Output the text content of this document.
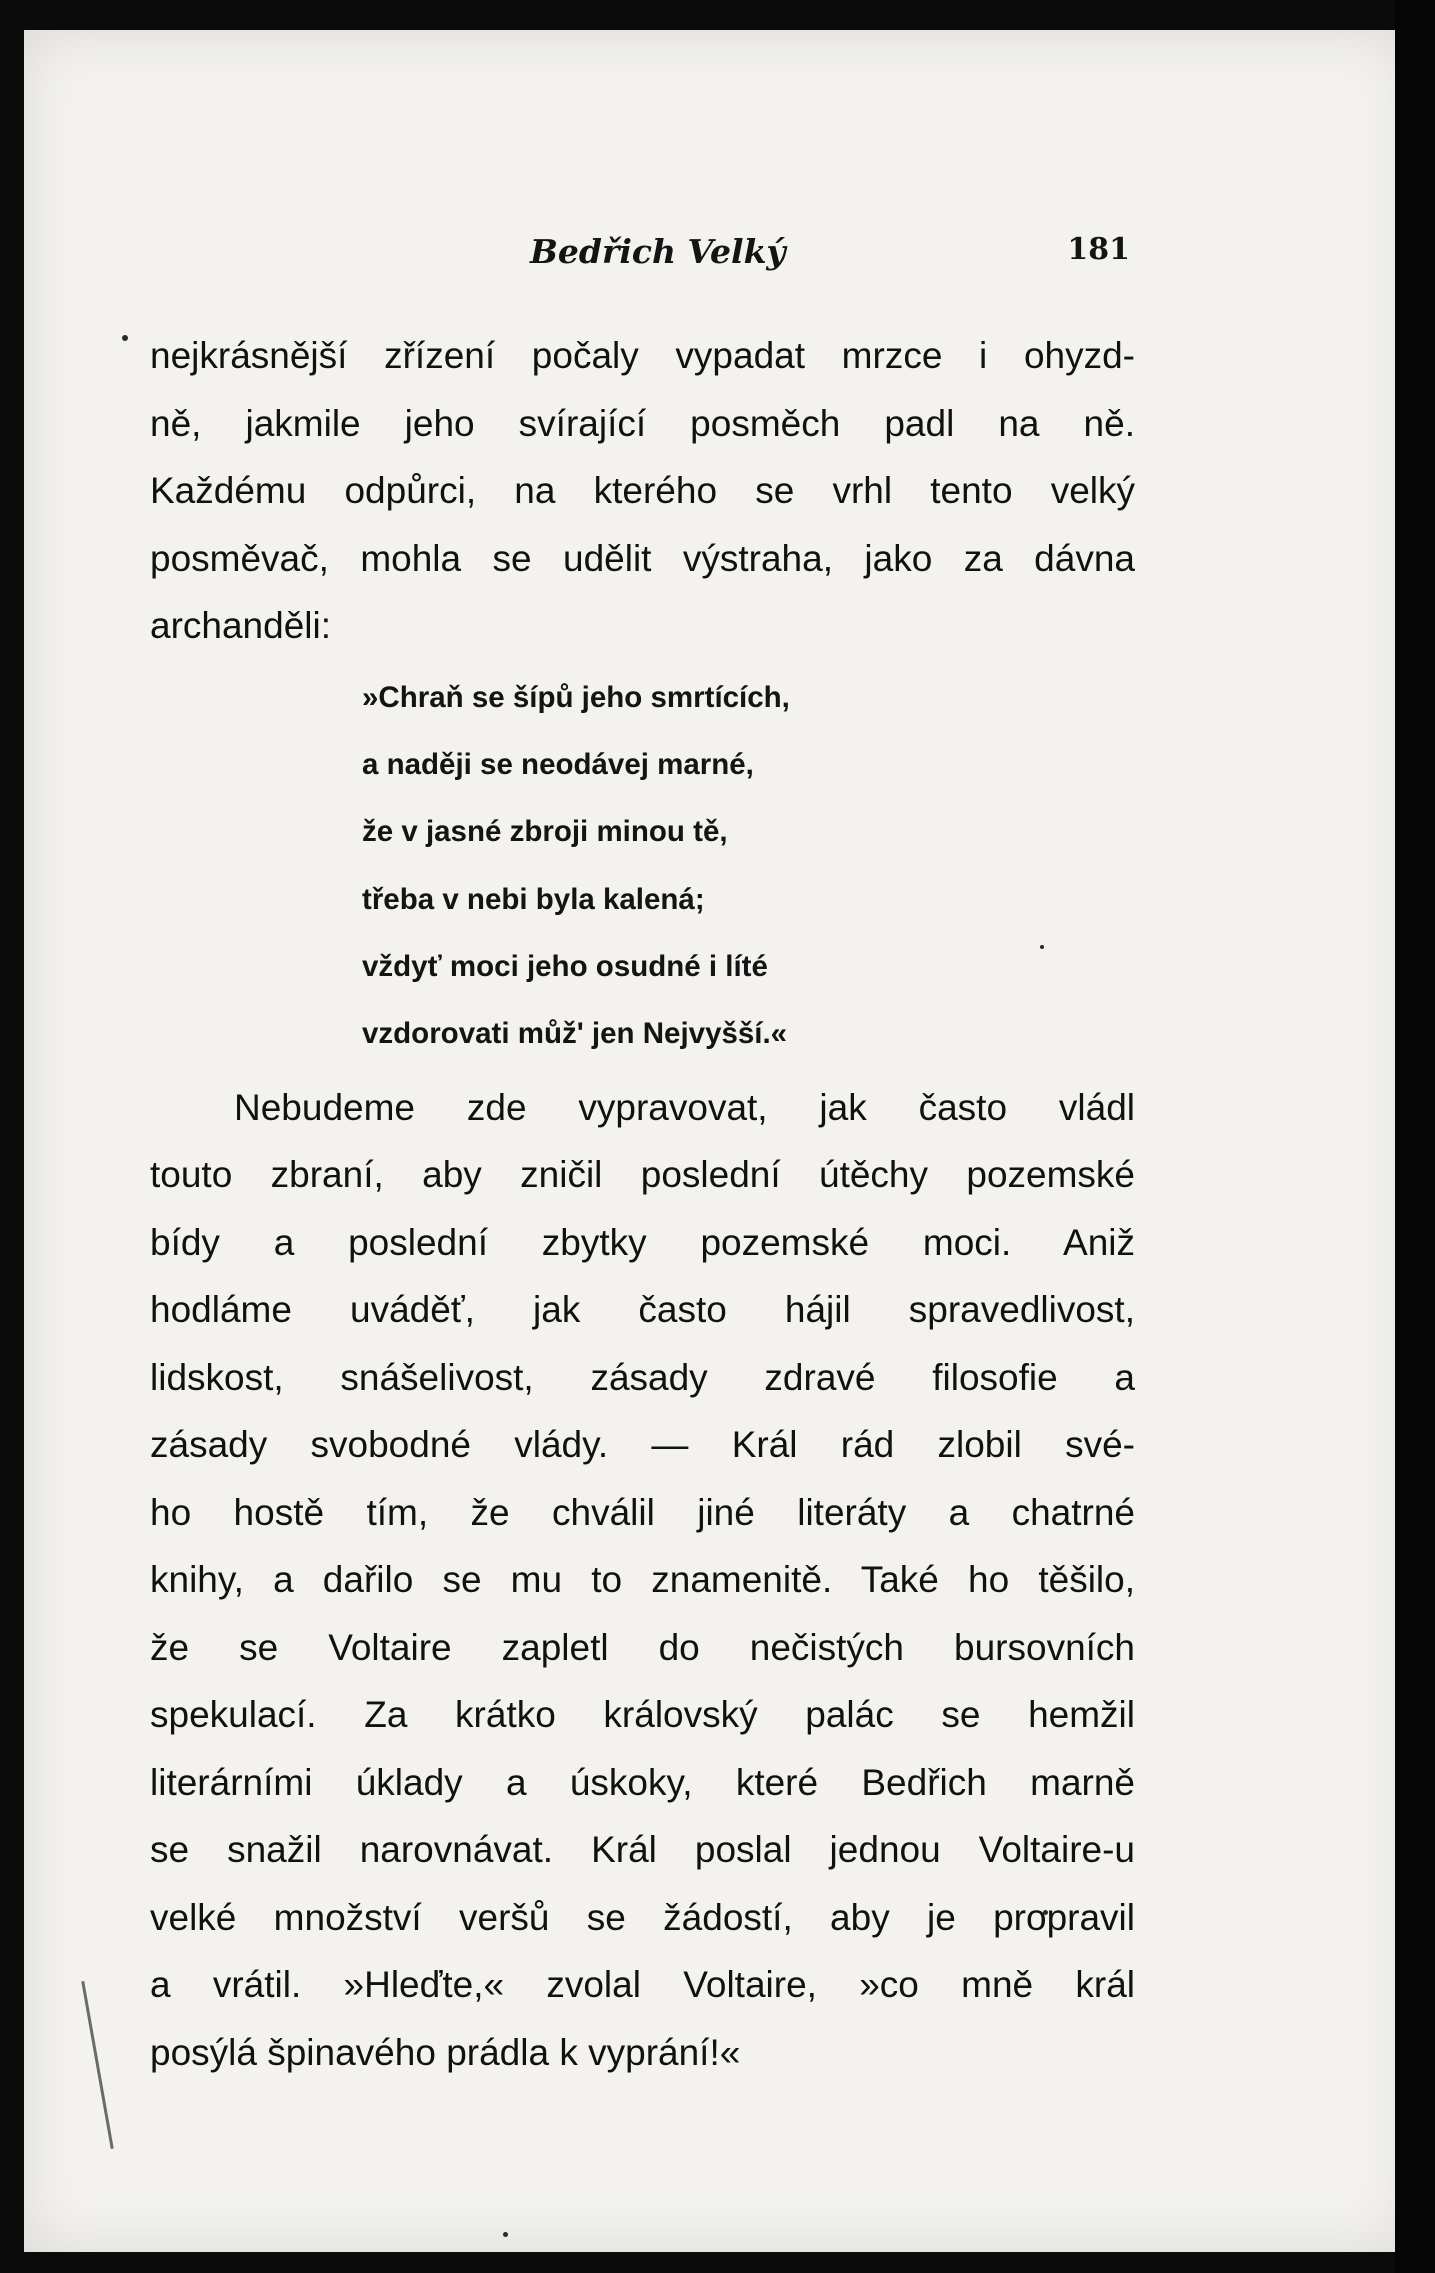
Bedřich Velký	181
nejkrásnější zřízení počaly vypadat mrzce i ohyzd-
ně, jakmile jeho svírající posměch padl na ně.
Každému odpůrci, na kterého se vrhl tento velký
posměvač, mohla se udělit výstraha, jako za dávna
archanděli:
»Chraň se šípů jeho smrtících,
a naději se neodávej marné,
že v jasné zbroji minou tě,
třeba v nebi byla kalená;
vždyť moci jeho osudné i líté
vzdorovati můž' jen Nejvyšší.«
Nebudeme zde vypravovat, jak často vládl
touto zbraní, aby zničil poslední útěchy pozemské
bídy a poslední zbytky pozemské moci. Aniž
hodláme uváděť, jak často hájil spravedlivost,
lidskost, snášelivost, zásady zdravé filosofie a
zásady svobodné vlády. — Král rád zlobil své-
ho hostě tím, že chválil jiné literáty a chatrné
knihy, a dařilo se mu to znamenitě. Také ho těšilo,
že se Voltaire zapletl do nečistých bursovních
spekulací. Za krátko královský palác se hemžil
literárními úklady a úskoky, které Bedřich marně
se snažil narovnávat. Král poslal jednou Voltaire-u
velké množství veršů se žádostí, aby je propravil
a vrátil. »Hleďte,« zvolal Voltaire, »co mně král
posýlá špinavého prádla k vyprání!«
